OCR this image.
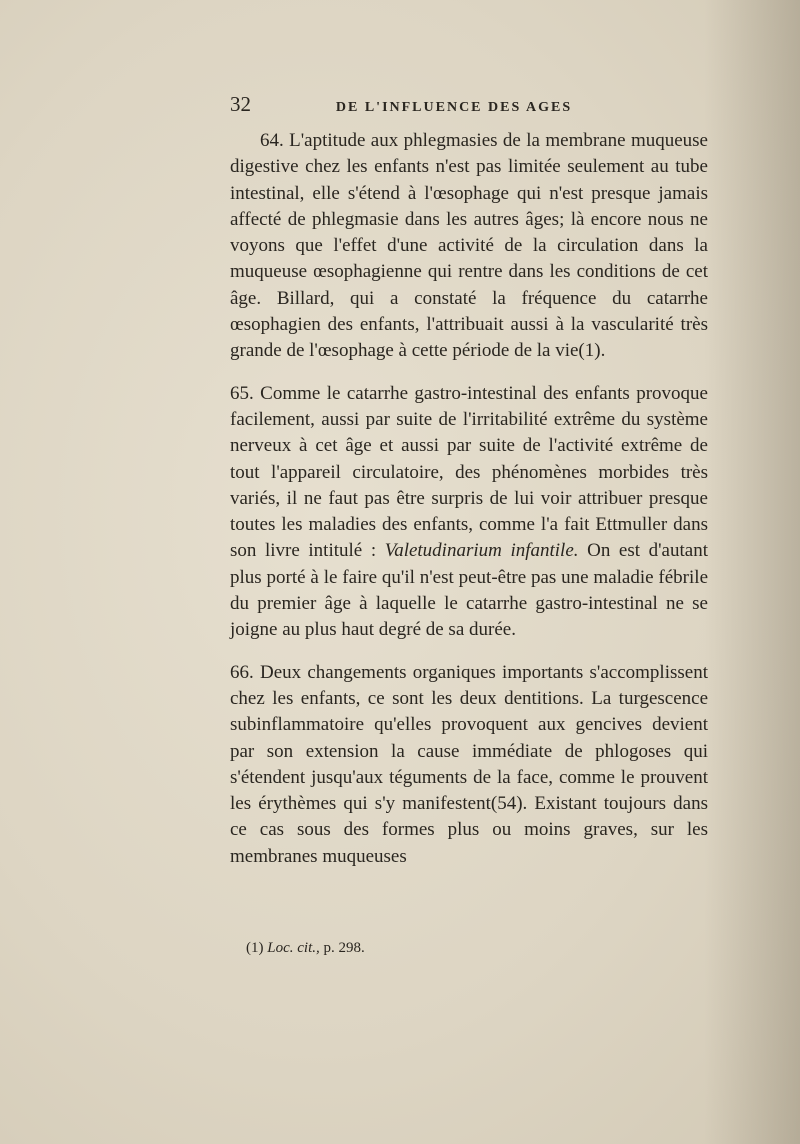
32	DE L'INFLUENCE DES AGES

64. L'aptitude aux phlegmasies de la membrane muqueuse digestive chez les enfants n'est pas limitée seulement au tube intestinal, elle s'étend à l'œsophage qui n'est presque jamais affecté de phlegmasie dans les autres âges; là encore nous ne voyons que l'effet d'une activité de la circulation dans la muqueuse œsophagienne qui rentre dans les conditions de cet âge. Billard, qui a constaté la fréquence du catarrhe œsophagien des enfants, l'attribuait aussi à la vascularité très grande de l'œsophage à cette période de la vie(1).

65. Comme le catarrhe gastro-intestinal des enfants provoque facilement, aussi par suite de l'irritabilité extrême du système nerveux à cet âge et aussi par suite de l'activité extrême de tout l'appareil circulatoire, des phénomènes morbides très variés, il ne faut pas être surpris de lui voir attribuer presque toutes les maladies des enfants, comme l'a fait Ettmuller dans son livre intitulé : Valetudinarium infantile. On est d'autant plus porté à le faire qu'il n'est peut-être pas une maladie fébrile du premier âge à laquelle le catarrhe gastro-intestinal ne se joigne au plus haut degré de sa durée.

66. Deux changements organiques importants s'accomplissent chez les enfants, ce sont les deux dentitions. La turgescence subinflammatoire qu'elles provoquent aux gencives devient par son extension la cause immédiate de phlogoses qui s'étendent jusqu'aux téguments de la face, comme le prouvent les érythèmes qui s'y manifestent(54). Existant toujours dans ce cas sous des formes plus ou moins graves, sur les membranes muqueuses

(1) Loc. cit., p. 298.
